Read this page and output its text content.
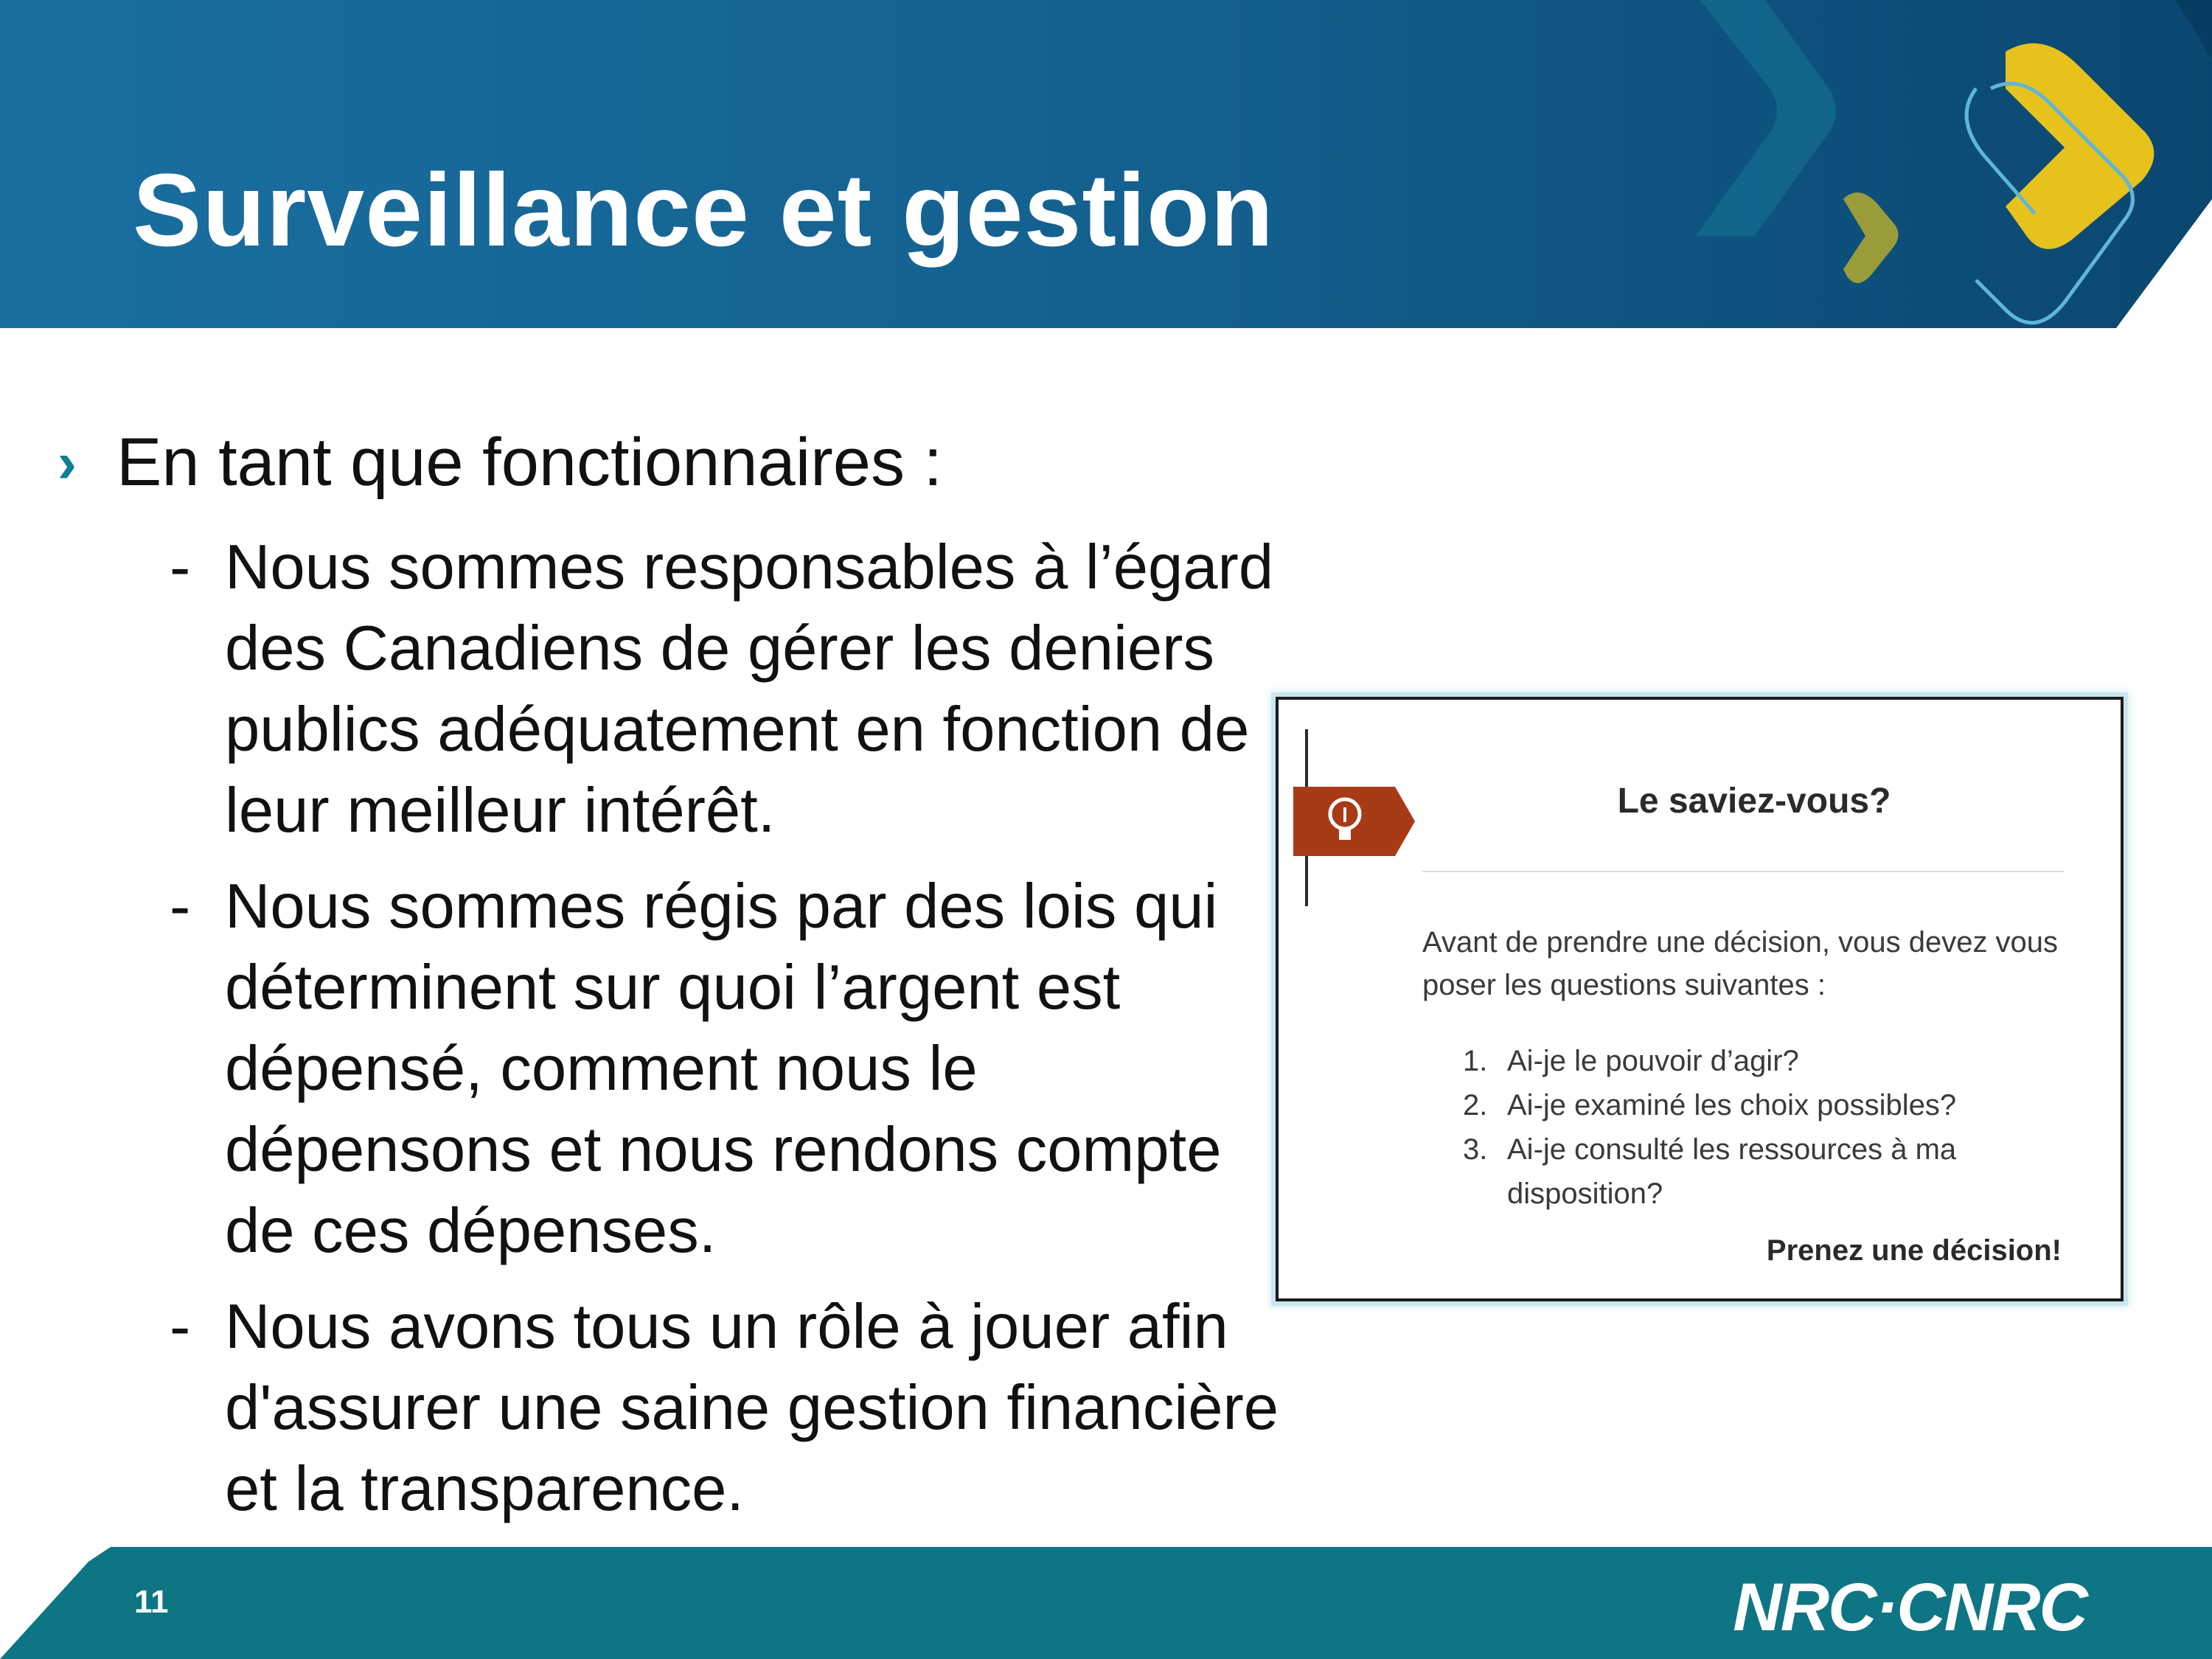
Surveillance et gestion
› En tant que fonctionnaires :
- Nous sommes responsables à l’égard des Canadiens de gérer les deniers publics adéquatement en fonction de leur meilleur intérêt.
- Nous sommes régis par des lois qui déterminent sur quoi l’argent est dépensé, comment nous le dépensons et nous rendons compte de ces dépenses.
- Nous avons tous un rôle à jouer afin d'assurer une saine gestion financière et la transparence.
Le saviez-vous?
Avant de prendre une décision, vous devez vous poser les questions suivantes :
1. Ai-je le pouvoir d’agir?
2. Ai-je examiné les choix possibles?
3. Ai-je consulté les ressources à ma disposition?
Prenez une décision!
11	NRC·CNRC
